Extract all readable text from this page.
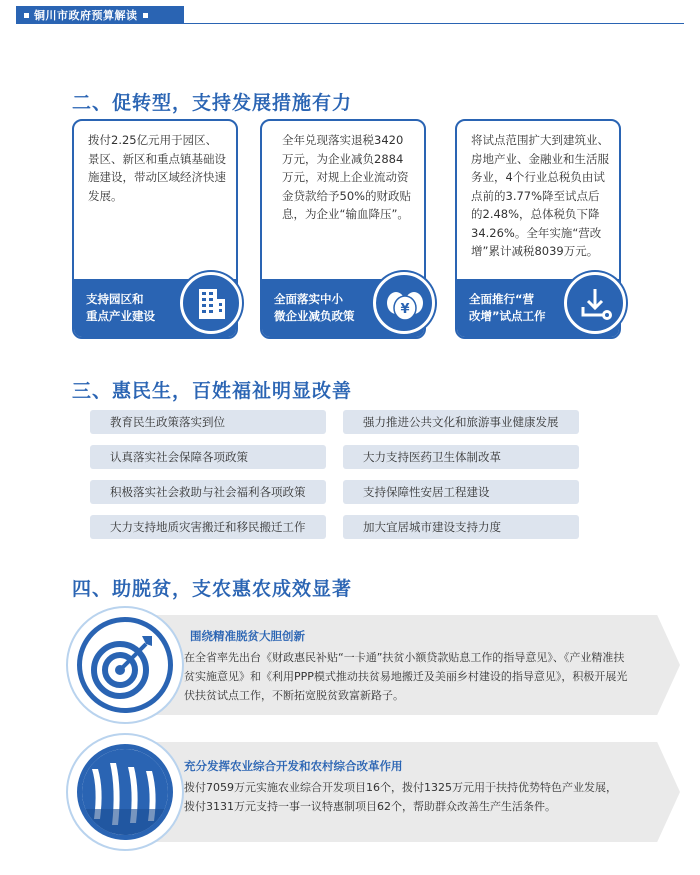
铜川市政府预算解读
二、促转型，支持发展措施有力
拨付2.25亿元用于园区、景区、新区和重点镇基础设施建设，带动区域经济快速发展。
支持园区和
重点产业建设
全年兑现落实退税3420万元，为企业减负2884万元，对规上企业流动资金贷款给予50%的财政贴息，为企业“输血降压”。
全面落实中小
微企业减负政策	¥
将试点范围扩大到建筑业、房地产业、金融业和生活服务业，4个行业总税负由试点前的3.77%降至试点后的2.48%，总体税负下降34.26%。全年实施“营改增”累计减税8039万元。
全面推行“营
改增”试点工作
三、惠民生，百姓福祉明显改善
教育民生政策落实到位
认真落实社会保障各项政策
积极落实社会救助与社会福利各项政策
大力支持地质灾害搬迁和移民搬迁工作
强力推进公共文化和旅游事业健康发展
大力支持医药卫生体制改革
支持保障性安居工程建设
加大宜居城市建设支持力度
四、助脱贫，支农惠农成效显著
围绕精准脱贫大胆创新
在全省率先出台《财政惠民补贴“一卡通”扶贫小额贷款贴息工作的指导意见》、《产业精准扶贫实施意见》和《利用PPP模式推动扶贫易地搬迁及美丽乡村建设的指导意见》，积极开展光伏扶贫试点工作，不断拓宽脱贫致富新路子。
充分发挥农业综合开发和农村综合改革作用
拨付7059万元实施农业综合开发项目16个，拨付1325万元用于扶持优势特色产业发展，拨付3131万元支持一事一议特惠制项目62个，帮助群众改善生产生活条件。
